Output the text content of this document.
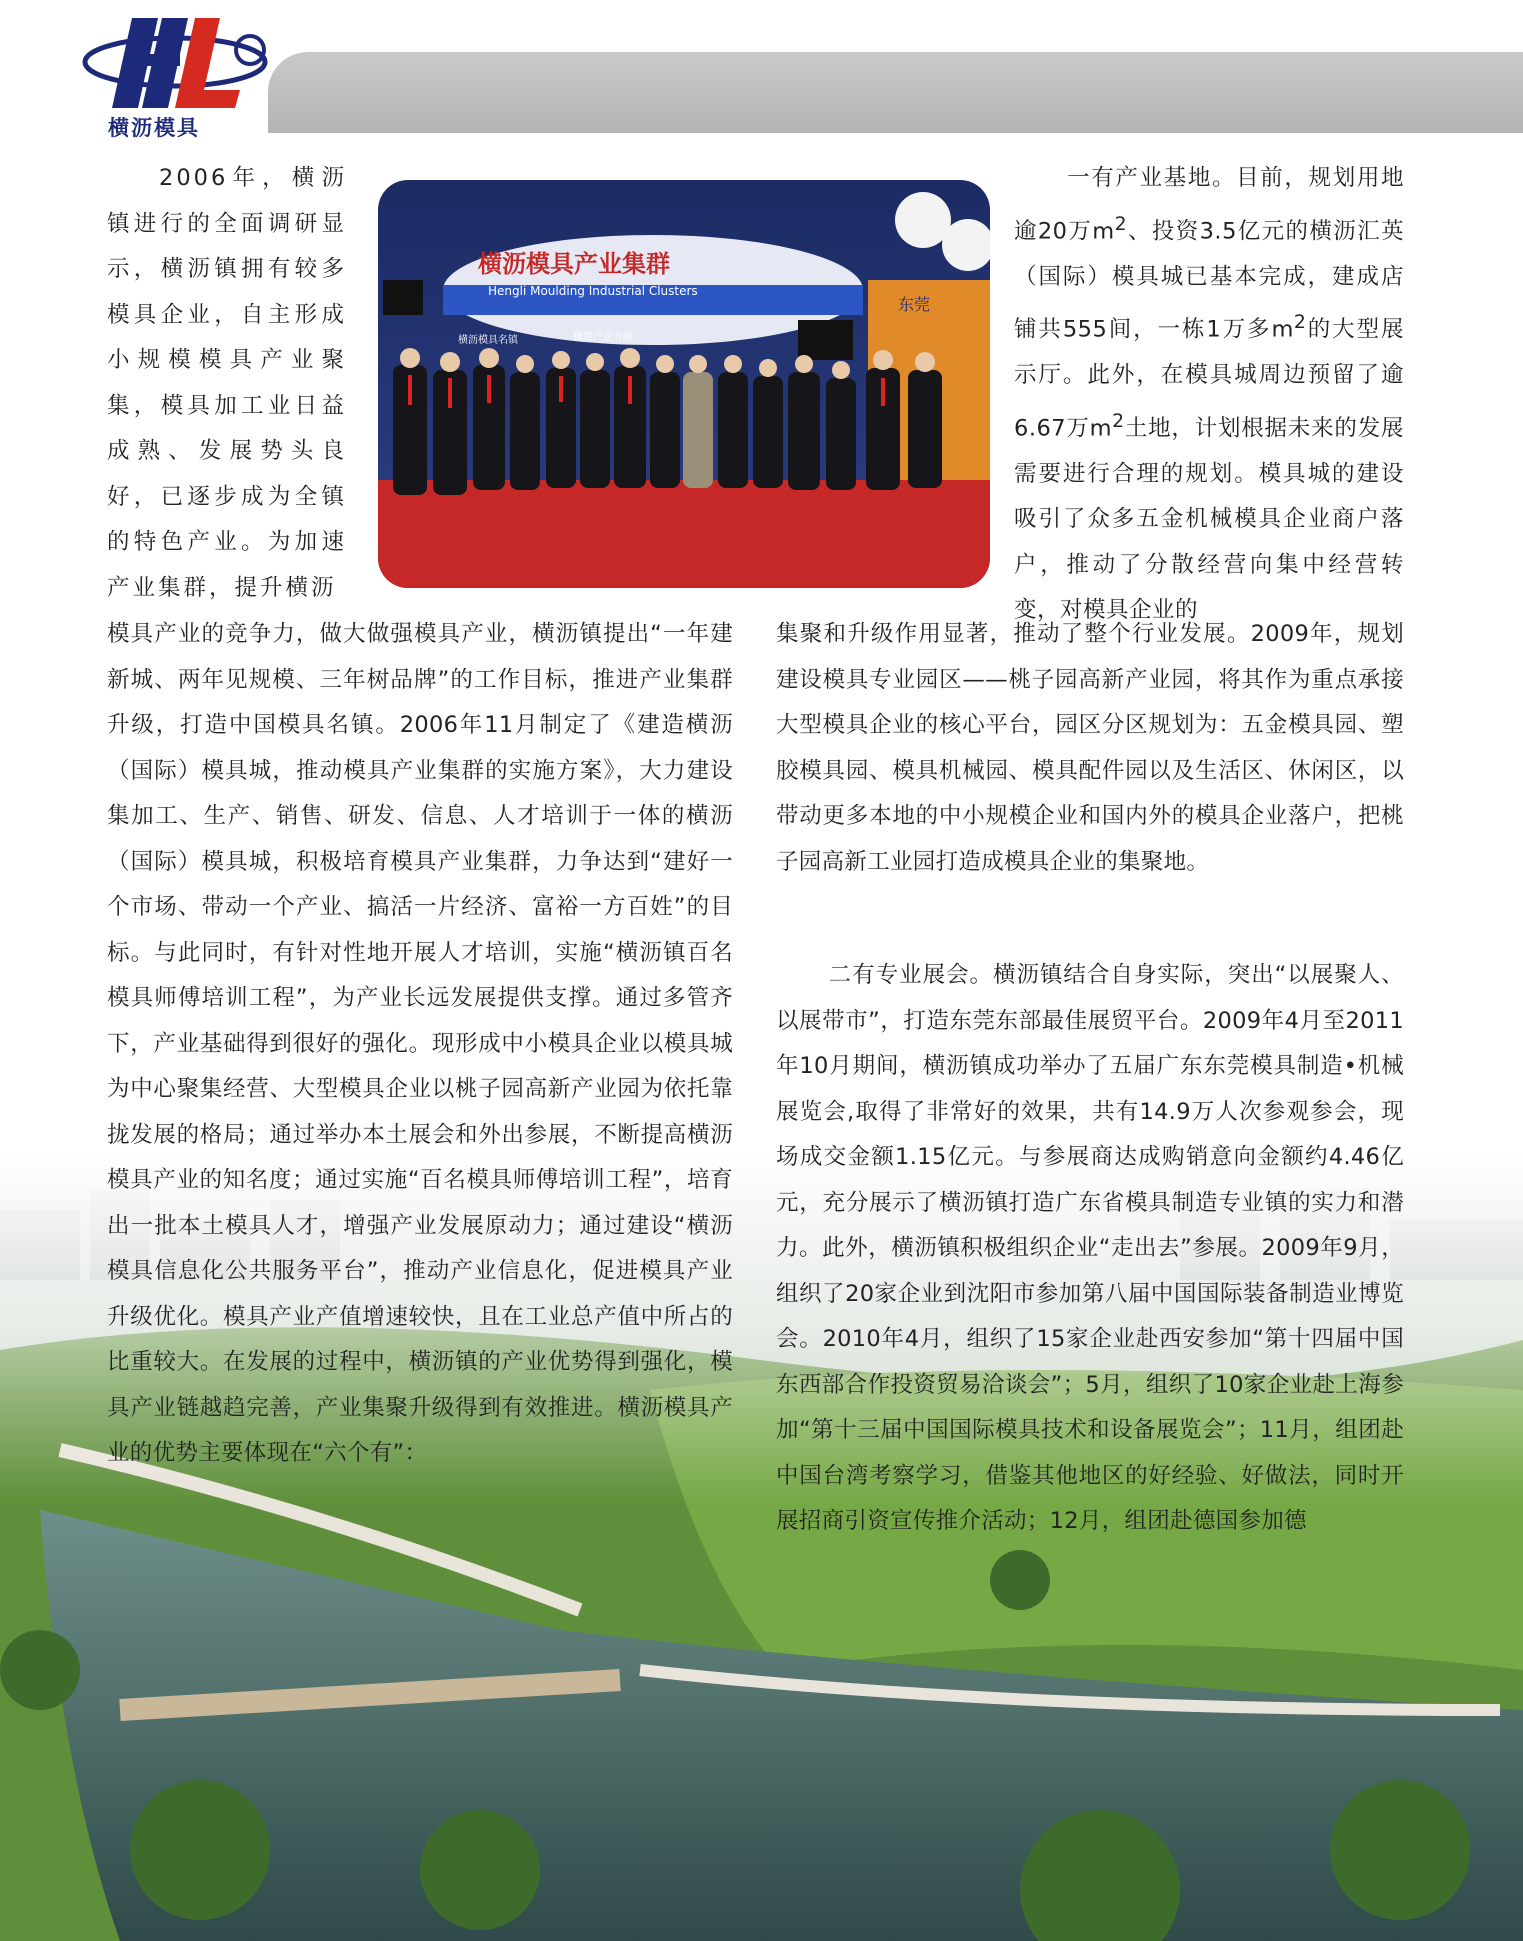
横沥模具
横沥模具产业集群
Hengli Moulding Industrial Clusters
横沥模具名镇	横进产业升级
东莞

2006年，横沥镇进行的全面调研显示，横沥镇拥有较多模具企业，自主形成小规模模具产业聚集，模具加工业日益成熟、发展势头良好，已逐步成为全镇的特色产业。为加速产业集群，提升横沥

模具产业的竞争力，做大做强模具产业，横沥镇提出“一年建新城、两年见规模、三年树品牌”的工作目标，推进产业集群升级，打造中国模具名镇。2006年11月制定了《建造横沥（国际）模具城，推动模具产业集群的实施方案》，大力建设集加工、生产、销售、研发、信息、人才培训于一体的横沥（国际）模具城，积极培育模具产业集群，力争达到“建好一个市场、带动一个产业、搞活一片经济、富裕一方百姓”的目标。与此同时，有针对性地开展人才培训，实施“横沥镇百名模具师傅培训工程”，为产业长远发展提供支撑。通过多管齐下，产业基础得到很好的强化。现形成中小模具企业以模具城为中心聚集经营、大型模具企业以桃子园高新产业园为依托靠拢发展的格局；通过举办本土展会和外出参展，不断提高横沥模具产业的知名度；通过实施“百名模具师傅培训工程”，培育出一批本土模具人才，增强产业发展原动力；通过建设“横沥模具信息化公共服务平台”，推动产业信息化，促进模具产业升级优化。模具产业产值增速较快，且在工业总产值中所占的比重较大。在发展的过程中，横沥镇的产业优势得到强化，模具产业链越趋完善，产业集聚升级得到有效推进。横沥模具产业的优势主要体现在“六个有”：

一有产业基地。目前，规划用地逾20万$m^2$、投资3.5亿元的横沥汇英（国际）模具城已基本完成，建成店铺共555间，一栋1万多$m^2$的大型展示厅。此外，在模具城周边预留了逾6.67万$m^2$土地，计划根据未来的发展需要进行合理的规划。模具城的建设吸引了众多五金机械模具企业商户落户，推动了分散经营向集中经营转变，对模具企业的

集聚和升级作用显著，推动了整个行业发展。2009年，规划建设模具专业园区——桃子园高新产业园，将其作为重点承接大型模具企业的核心平台，园区分区规划为：五金模具园、塑胶模具园、模具机械园、模具配件园以及生活区、休闲区，以带动更多本地的中小规模企业和国内外的模具企业落户，把桃子园高新工业园打造成模具企业的集聚地。

二有专业展会。横沥镇结合自身实际，突出“以展聚人、以展带市”，打造东莞东部最佳展贸平台。2009年4月至2011年10月期间，横沥镇成功举办了五届广东东莞模具制造•机械展览会,取得了非常好的效果，共有14.9万人次参观参会，现场成交金额1.15亿元。与参展商达成购销意向金额约4.46亿元，充分展示了横沥镇打造广东省模具制造专业镇的实力和潜力。此外，横沥镇积极组织企业“走出去”参展。2009年9月，组织了20家企业到沈阳市参加第八届中国国际装备制造业博览会。2010年4月，组织了15家企业赴西安参加“第十四届中国东西部合作投资贸易洽谈会”；5月，组织了10家企业赴上海参加“第十三届中国国际模具技术和设备展览会”；11月，组团赴中国台湾考察学习，借鉴其他地区的好经验、好做法，同时开展招商引资宣传推介活动；12月，组团赴德国参加德
